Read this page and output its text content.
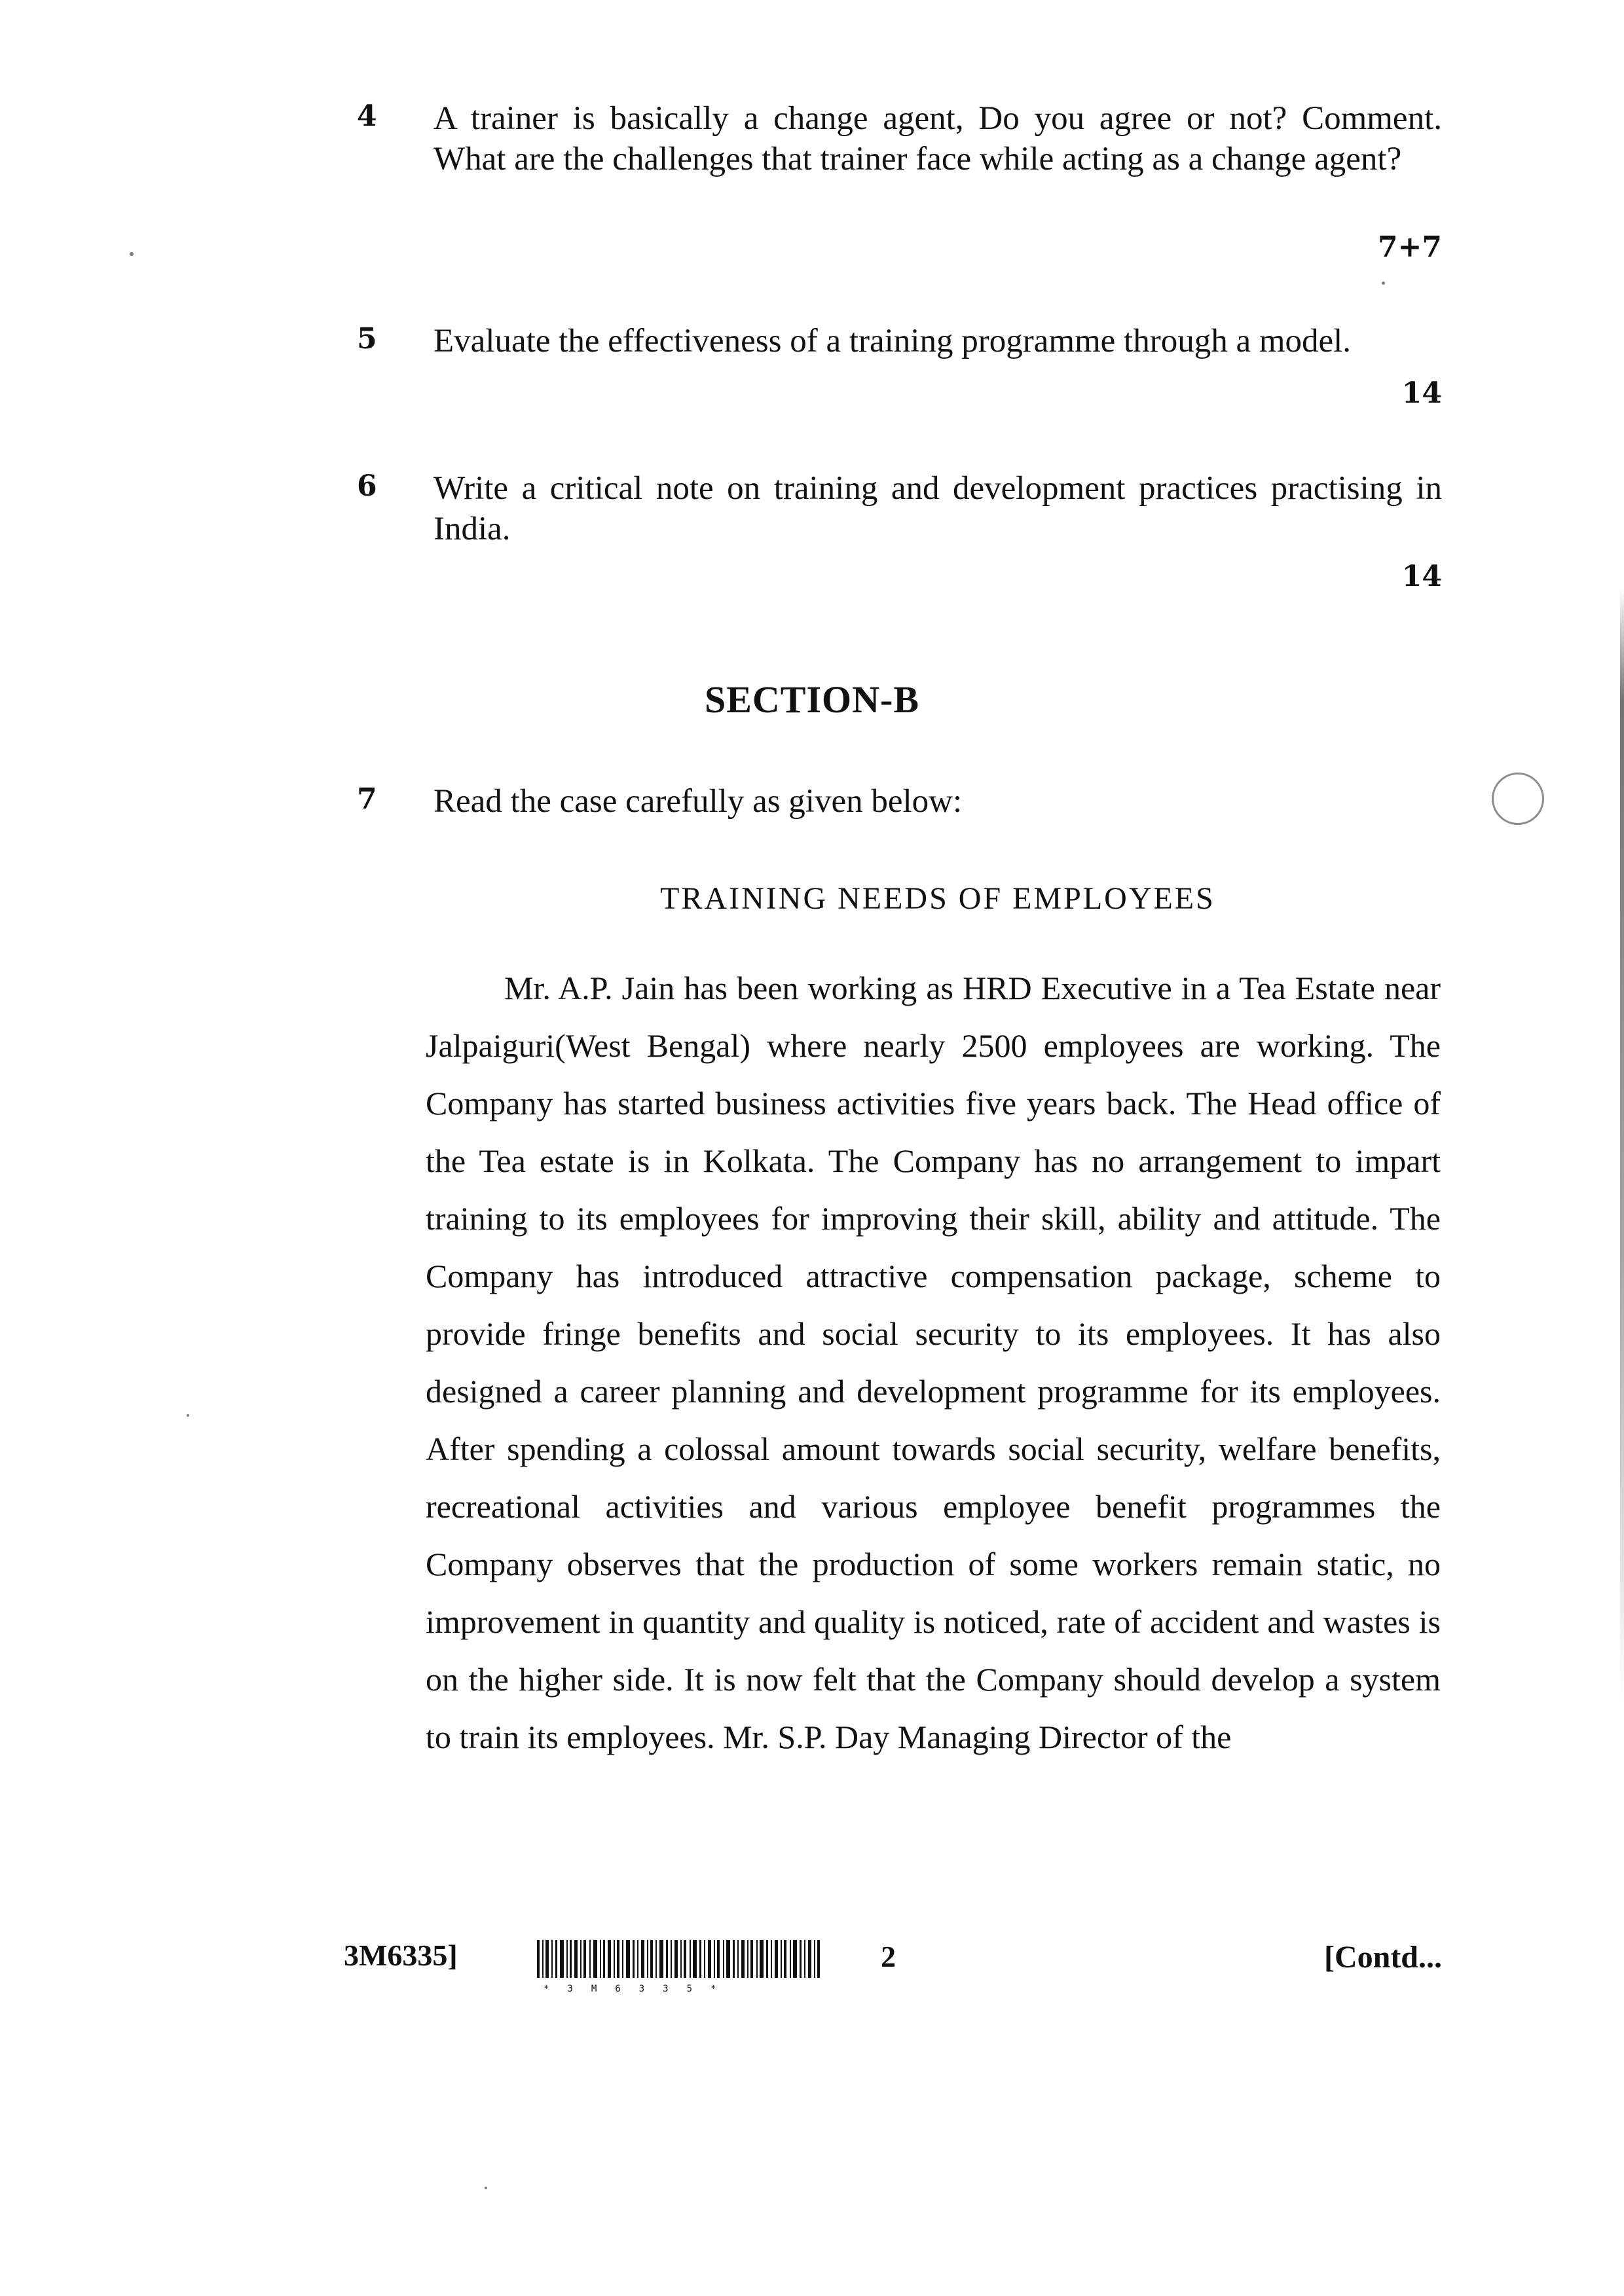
4 A trainer is basically a change agent, Do you agree or not? Comment. What are the challenges that trainer face while acting as a change agent?
7+7
5 Evaluate the effectiveness of a training programme through a model.
14
6 Write a critical note on training and development practices practising in India.
14
SECTION-B
7 Read the case carefully as given below:
TRAINING NEEDS OF EMPLOYEES
Mr. A.P. Jain has been working as HRD Executive in a Tea Estate near Jalpaiguri(West Bengal) where nearly 2500 employees are working. The Company has started business activities five years back. The Head office of the Tea estate is in Kolkata. The Company has no arrangement to impart training to its employees for improving their skill, ability and attitude. The Company has introduced attractive compensation package, scheme to provide fringe benefits and social security to its employees. It has also designed a career planning and development programme for its employees. After spending a colossal amount towards social security, welfare benefits, recreational activities and various employee benefit programmes the Company observes that the production of some workers remain static, no improvement in quantity and quality is noticed, rate of accident and wastes is on the higher side. It is now felt that the Company should develop a system to train its employees. Mr. S.P. Day Managing Director of the
3M6335]
*3M6335*
2	[Contd...
